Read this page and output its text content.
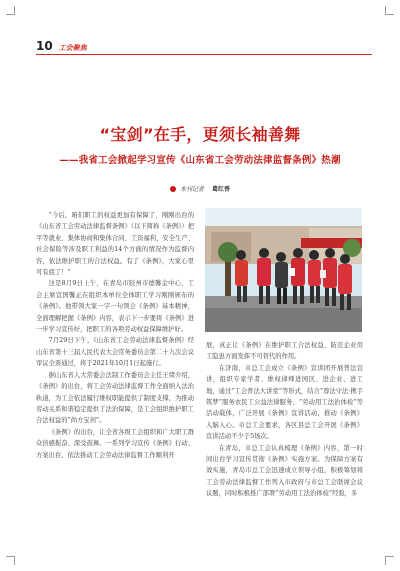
10 工会聚焦
“宝剑”在手，更须长袖善舞
——我省工会掀起学习宣传《山东省工会劳动法律监督条例》热潮
本刊记者 葛红香

“今后，咱们职工的权益更加有保障了，刚刚出台的《山东省工会劳动法律监督条例》（以下简称《条例》）把平等就业、集体协商和集体合同、工资福利、安全生产、社会保险等涉及职工利益的14个方面的情况作为监督内容，依法维护职工的合法权益。有了《条例》，大家心里可有底了！”

这是8月9日上午，在青岛市胶州市德馨金中心，工会主席宣国馨正在组织本单位全体职工学习刚刚颁布的《条例》。他带领大家一字一句领会《条例》基本精神，全面理解把握《条例》内容，表示下一步要将《条例》进一步学习宣传好，把职工的各项劳动权益保障维护好。

7月29日下午，《山东省工会劳动法律监督条例》经山东省第十三届人民代表大会常务委员会第二十九次会议审议全票通过，将于2021年10月1日起施行。

据山东省人大常委会法制工作委员会主任王绪介绍，《条例》的出台，将工会劳动法律监督工作全面纳入法治轨道，为工会依法履行维权职能提供了制度支撑，为推动劳动关系和谐稳定提供了法治保障，是工会组织维护职工合法权益的“尚方宝剑”。

《条例》的出台，让全省各级工会组织和广大职工群众倍感振奋、深受鼓舞。一系列学习宣传《条例》行动、方案出台，依法推动工会劳动法律监督工作顺利开

展，真正让《条例》在维护职工合法权益、防范企业用工隐患方面发挥不可替代的作用。

在济南，市总工会成立《条例》宣讲团开展普法宣讲，组织专家学者、维权律师进园区、进企业、进工地，通过“工会普法大讲堂”等形式，结合“尊法守法·携手筑梦”服务农民工公益法律服务、“劳动用工法治体检”等活动载体，广泛开展《条例》宣讲活动，推动《条例》入脑入心。市总工会要求，各区县总工会开展《条例》宣讲活动不少于5场次。

在青岛，市总工会认真梳理《条例》内容，第一时间出台学习宣传贯彻《条例》实施方案。为保障方案有效实施，青岛市总工会迅速成立领导小组，积极筹划将工会劳动法律监督工作列入市政府与市总工会联席会议议题，同时积极推广部署“劳动用工法治体检”经验，多
